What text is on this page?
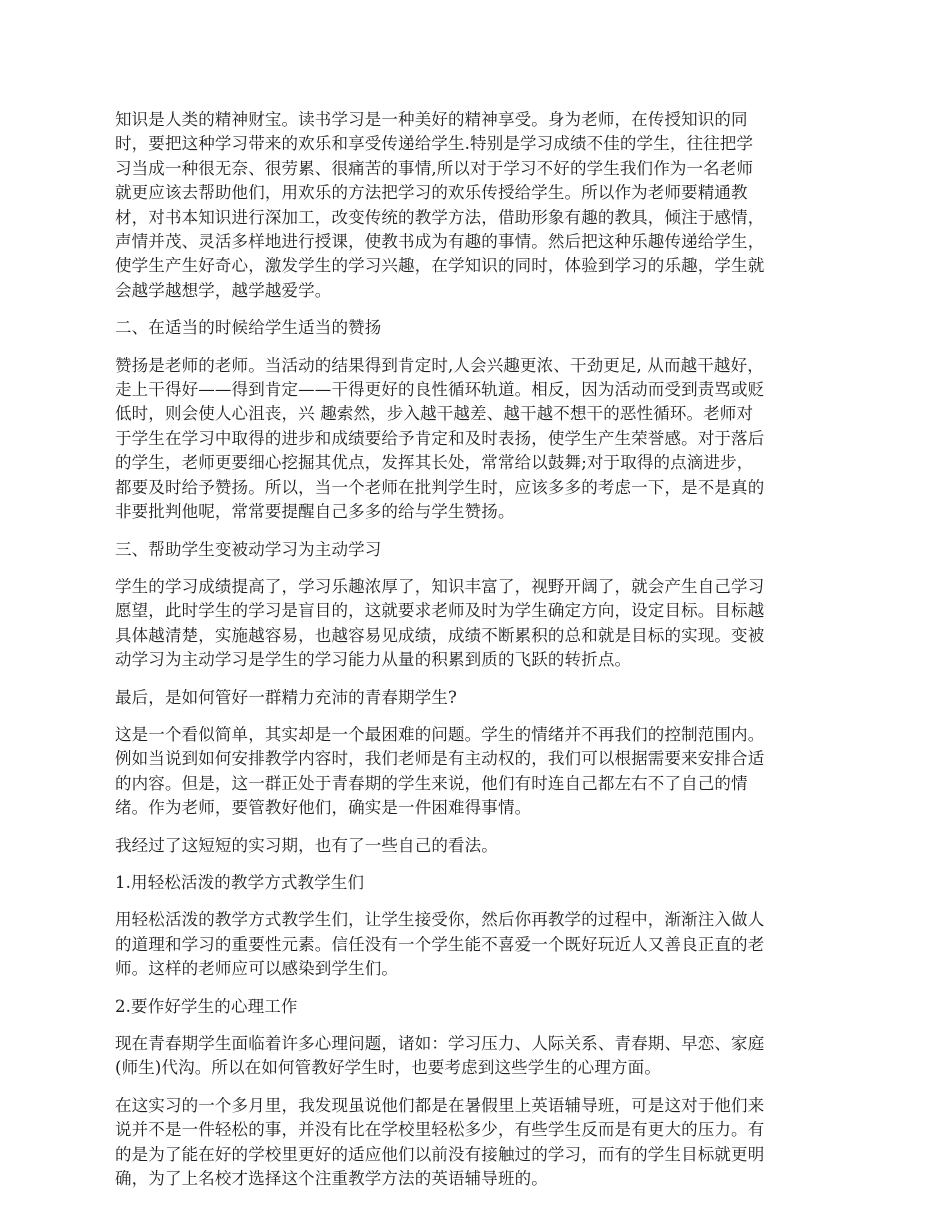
知识是人类的精神财宝。读书学习是一种美好的精神享受。身为老师，在传授知识的同
时，要把这种学习带来的欢乐和享受传递给学生.特别是学习成绩不佳的学生，往往把学
习当成一种很无奈、很劳累、很痛苦的事情,所以对于学习不好的学生我们作为一名老师
就更应该去帮助他们，用欢乐的方法把学习的欢乐传授给学生。所以作为老师要精通教
材，对书本知识进行深加工，改变传统的教学方法，借助形象有趣的教具，倾注于感情，
声情并茂、灵活多样地进行授课，使教书成为有趣的事情。然后把这种乐趣传递给学生，
使学生产生好奇心，激发学生的学习兴趣，在学知识的同时，体验到学习的乐趣，学生就
会越学越想学，越学越爱学。
二、在适当的时候给学生适当的赞扬
赞扬是老师的老师。当活动的结果得到肯定时,人会兴趣更浓、干劲更足, 从而越干越好，
走上干得好——得到肯定——干得更好的良性循环轨道。相反，因为活动而受到责骂或贬
低时，则会使人心沮丧，兴 趣索然，步入越干越差、越干越不想干的恶性循环。老师对
于学生在学习中取得的进步和成绩要给予肯定和及时表扬，使学生产生荣誉感。对于落后
的学生，老师更要细心挖掘其优点，发挥其长处，常常给以鼓舞;对于取得的点滴进步，
都要及时给予赞扬。所以，当一个老师在批判学生时，应该多多的考虑一下，是不是真的
非要批判他呢，常常要提醒自己多多的给与学生赞扬。
三、帮助学生变被动学习为主动学习
学生的学习成绩提高了，学习乐趣浓厚了，知识丰富了，视野开阔了，就会产生自己学习
愿望，此时学生的学习是盲目的，这就要求老师及时为学生确定方向，设定目标。目标越
具体越清楚，实施越容易，也越容易见成绩，成绩不断累积的总和就是目标的实现。变被
动学习为主动学习是学生的学习能力从量的积累到质的飞跃的转折点。
最后，是如何管好一群精力充沛的青春期学生?
这是一个看似简单，其实却是一个最困难的问题。学生的情绪并不再我们的控制范围内。
例如当说到如何安排教学内容时，我们老师是有主动权的，我们可以根据需要来安排合适
的内容。但是，这一群正处于青春期的学生来说，他们有时连自己都左右不了自己的情
绪。作为老师，要管教好他们，确实是一件困难得事情。
我经过了这短短的实习期，也有了一些自己的看法。
1.用轻松活泼的教学方式教学生们
用轻松活泼的教学方式教学生们，让学生接受你，然后你再教学的过程中，渐渐注入做人
的道理和学习的重要性元素。信任没有一个学生能不喜爱一个既好玩近人又善良正直的老
师。这样的老师应可以感染到学生们。
2.要作好学生的心理工作
现在青春期学生面临着许多心理问题，诸如：学习压力、人际关系、青春期、早恋、家庭
(师生)代沟。所以在如何管教好学生时，也要考虑到这些学生的心理方面。
在这实习的一个多月里，我发现虽说他们都是在暑假里上英语辅导班，可是这对于他们来
说并不是一件轻松的事，并没有比在学校里轻松多少，有些学生反而是有更大的压力。有
的是为了能在好的学校里更好的适应他们以前没有接触过的学习，而有的学生目标就更明
确，为了上名校才选择这个注重教学方法的英语辅导班的。
